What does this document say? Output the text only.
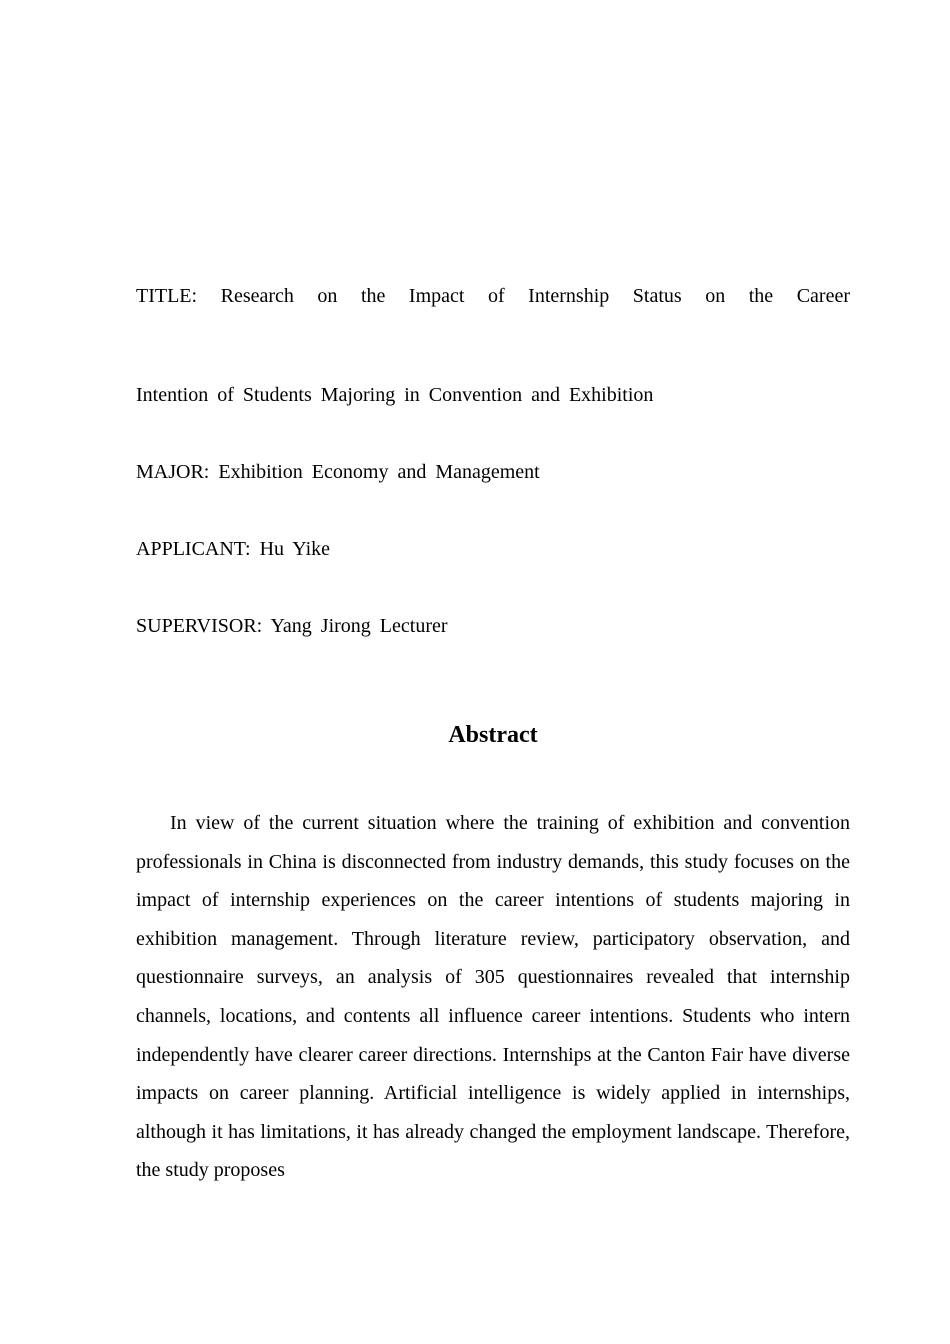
TITLE: Research on the Impact of Internship Status on the Career
Intention of Students Majoring in Convention and Exhibition
MAJOR: Exhibition Economy and Management
APPLICANT: Hu Yike
SUPERVISOR: Yang Jirong Lecturer
Abstract
In view of the current situation where the training of exhibition and convention professionals in China is disconnected from industry demands, this study focuses on the impact of internship experiences on the career intentions of students majoring in exhibition management. Through literature review, participatory observation, and questionnaire surveys, an analysis of 305 questionnaires revealed that internship channels, locations, and contents all influence career intentions. Students who intern independently have clearer career directions. Internships at the Canton Fair have diverse impacts on career planning. Artificial intelligence is widely applied in internships, although it has limitations, it has already changed the employment landscape. Therefore, the study proposes
